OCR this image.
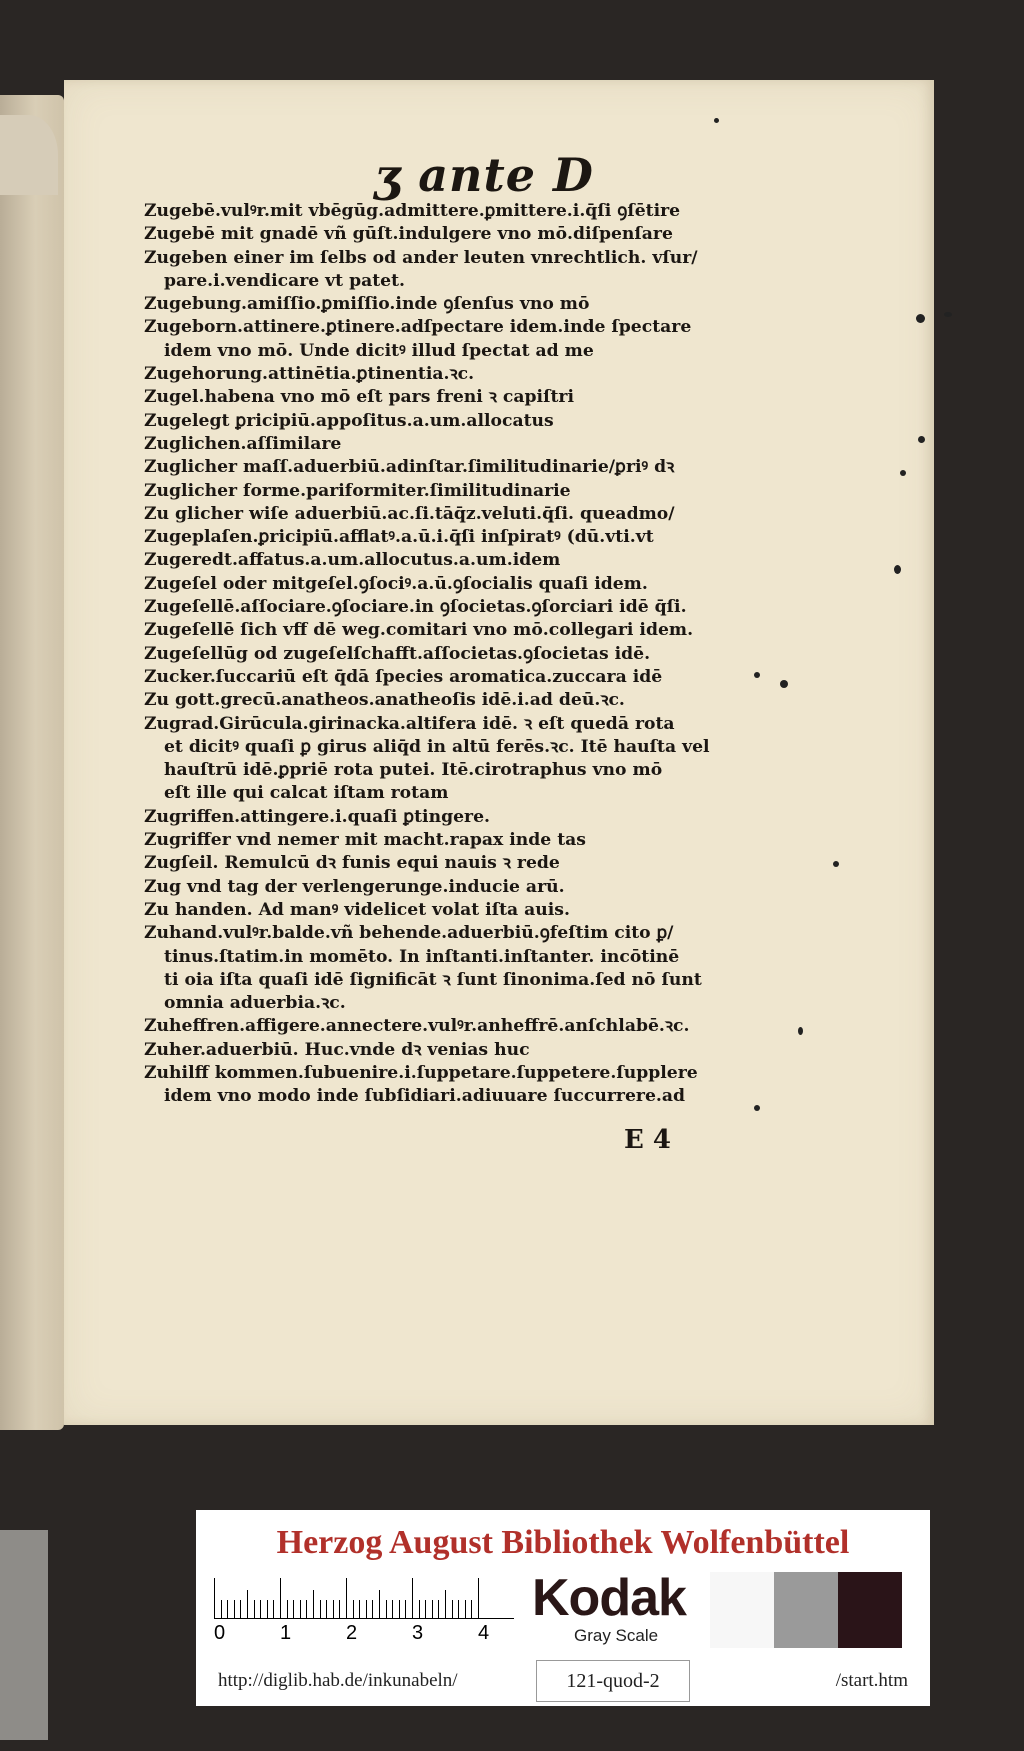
ʒ ante D
Zugebē.vulꝰr.mit vbēgūg.admittere.ꝑmittere.i.q̄ſi ꝯſētire
Zugebē mit gnadē vñ gūſt.indulgere vno mō.diſpenſare
Zugeben einer im ſelbs od ander leuten vnrechtlich. vſur/
pare.i.vendicare vt patet.
Zugebung.amiſſio.ꝑmiſſio.inde ꝯſenſus vno mō
Zugeborn.attinere.ꝑtinere.adſpectare idem.inde ſpectare
idem vno mō. Unde dicitꝰ illud ſpectat ad me
Zugehorung.attinētia.ꝑtinentia.ꝛc.
Zugel.habena vno mō eſt pars freni ꝛ capiſtri
Zugelegt ꝑricipiū.appoſitus.a.um.allocatus
Zuglichen.aſſimilare
Zuglicher maſſ.aduerbiū.adinſtar.ſimilitudinarie/ꝑriꝰ dꝛ
Zuglicher forme.pariformiter.ſimilitudinarie
Zu glicher wiſe aduerbiū.ac.ſi.tāq̄z.veluti.q̄ſi. queadmo/
Zugeplaſen.ꝑricipiū.afflatꝰ.a.ū.i.q̄ſi inſpiratꝰ (dū.vti.vt
Zugeredt.affatus.a.um.allocutus.a.um.idem
Zugeſel oder mitgeſel.ꝯſociꝰ.a.ū.ꝯſocialis quaſi idem.
Zugeſellē.aſſociare.ꝯſociare.in ꝯſocietas.ꝯſorciari idē q̄ſi.
Zugeſellē ſich vff dē weg.comitari vno mō.collegari idem.
Zugeſellūg od zugeſelſchafft.aſſocietas.ꝯſocietas idē.
Zucker.ſuccariū eſt q̄dā ſpecies aromatica.zuccara idē
Zu gott.grecū.anatheos.anatheoſis idē.i.ad deū.ꝛc.
Zugrad.Girūcula.girinacka.altifera idē. ꝛ eſt quedā rota
et dicitꝰ quaſi ꝑ girus aliq̄d in altū ferēs.ꝛc. Itē hauſta vel
hauſtrū idē.ꝑpriē rota putei. Itē.cirotraphus vno mō
eſt ille qui calcat iſtam rotam
Zugriffen.attingere.i.quaſi ꝑtingere.
Zugriffer vnd nemer mit macht.rapax inde tas
Zugſeil. Remulcū dꝛ funis equi nauis ꝛ rede
Zug vnd tag der verlengerunge.inducie arū.
Zu handen. Ad manꝰ videlicet volat iſta auis.
Zuhand.vulꝰr.balde.vñ behende.aduerbiū.ꝯfeſtim cito ꝑ/
tinus.ſtatim.in momēto. In inſtanti.inſtanter. incōtinē
ti oia iſta quaſi idē ſignificāt ꝛ ſunt ſinonima.ſed nō ſunt
omnia aduerbia.ꝛc.
Zuheffren.affigere.annectere.vulꝰr.anheffrē.anſchlabē.ꝛc.
Zuher.aduerbiū. Huc.vnde dꝛ venias huc
Zuhilff kommen.ſubuenire.i.ſuppetare.ſuppetere.ſupplere
idem vno modo inde ſubſidiari.adiuuare ſuccurrere.ad
E 4
Herzog August Bibliothek Wolfenbüttel
0	1	2	3	4
Kodak
Gray Scale
http://diglib.hab.de/inkunabeln/	121-quod-2	/start.htm
